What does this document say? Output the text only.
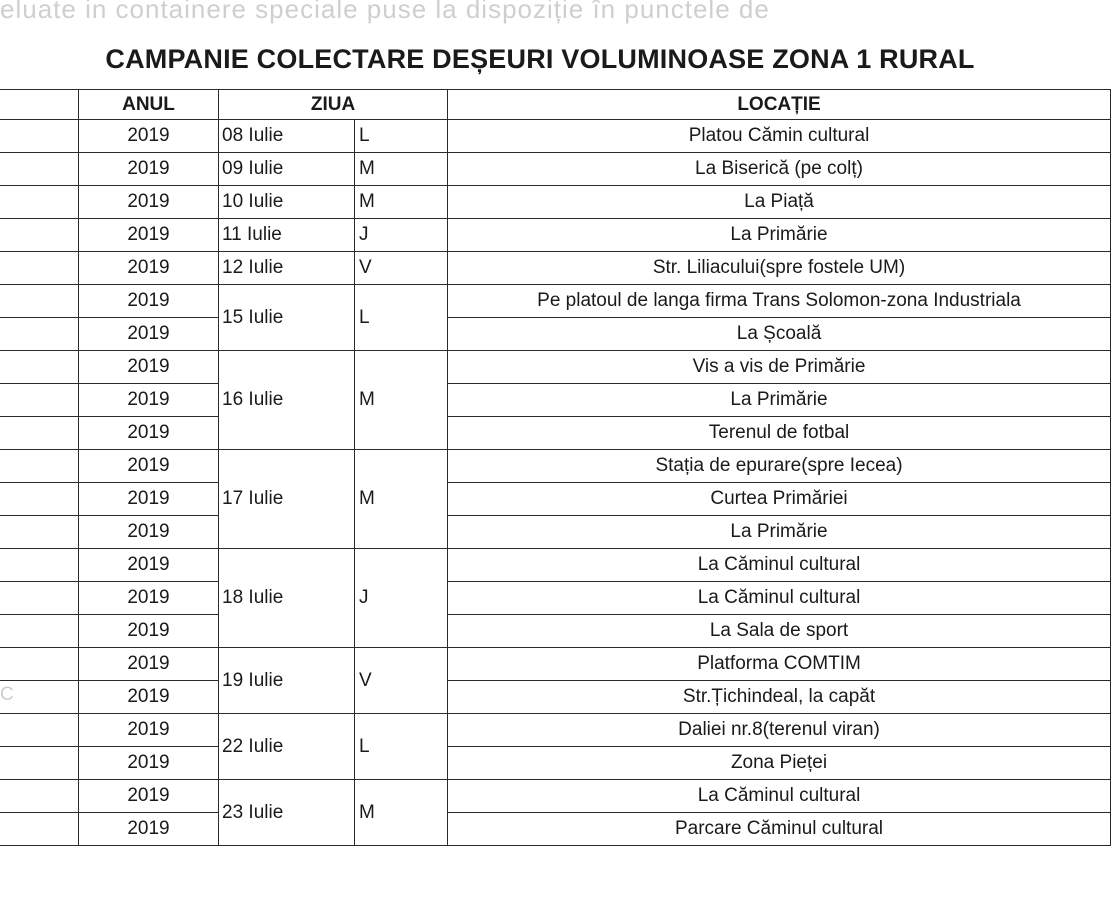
eluate in containere speciale puse la dispoziție în punctele de
CAMPANIE COLECTARE DEȘEURI VOLUMINOASE ZONA 1 RURAL
	ANUL	ZIUA		LOCAȚIE
	2019	08 Iulie	L	Platou Cămin cultural
	2019	09 Iulie	M	La Biserică (pe colț)
	2019	10 Iulie	M	La Piață
	2019	11 Iulie	J	La Primărie
	2019	12 Iulie	V	Str. Liliacului(spre fostele UM)
	2019	15 Iulie	L	Pe platoul de langa firma Trans Solomon-zona Industriala
	2019			La Școală
	2019	16 Iulie	M	Vis a vis de Primărie
	2019			La Primărie
	2019			Terenul de fotbal
	2019	17 Iulie	M	Stația de epurare(spre Iecea)
	2019			Curtea Primăriei
	2019			La Primărie
	2019	18 Iulie	J	La Căminul cultural
	2019			La Căminul cultural
	2019			La Sala de sport
	2019	19 Iulie	V	Platforma COMTIM
	2019			Str.Țichindeal, la capăt
	2019	22 Iulie	L	Daliei nr.8(terenul viran)
	2019			Zona Pieței
	2019	23 Iulie	M	La Căminul cultural
	2019			Parcare Căminul cultural
